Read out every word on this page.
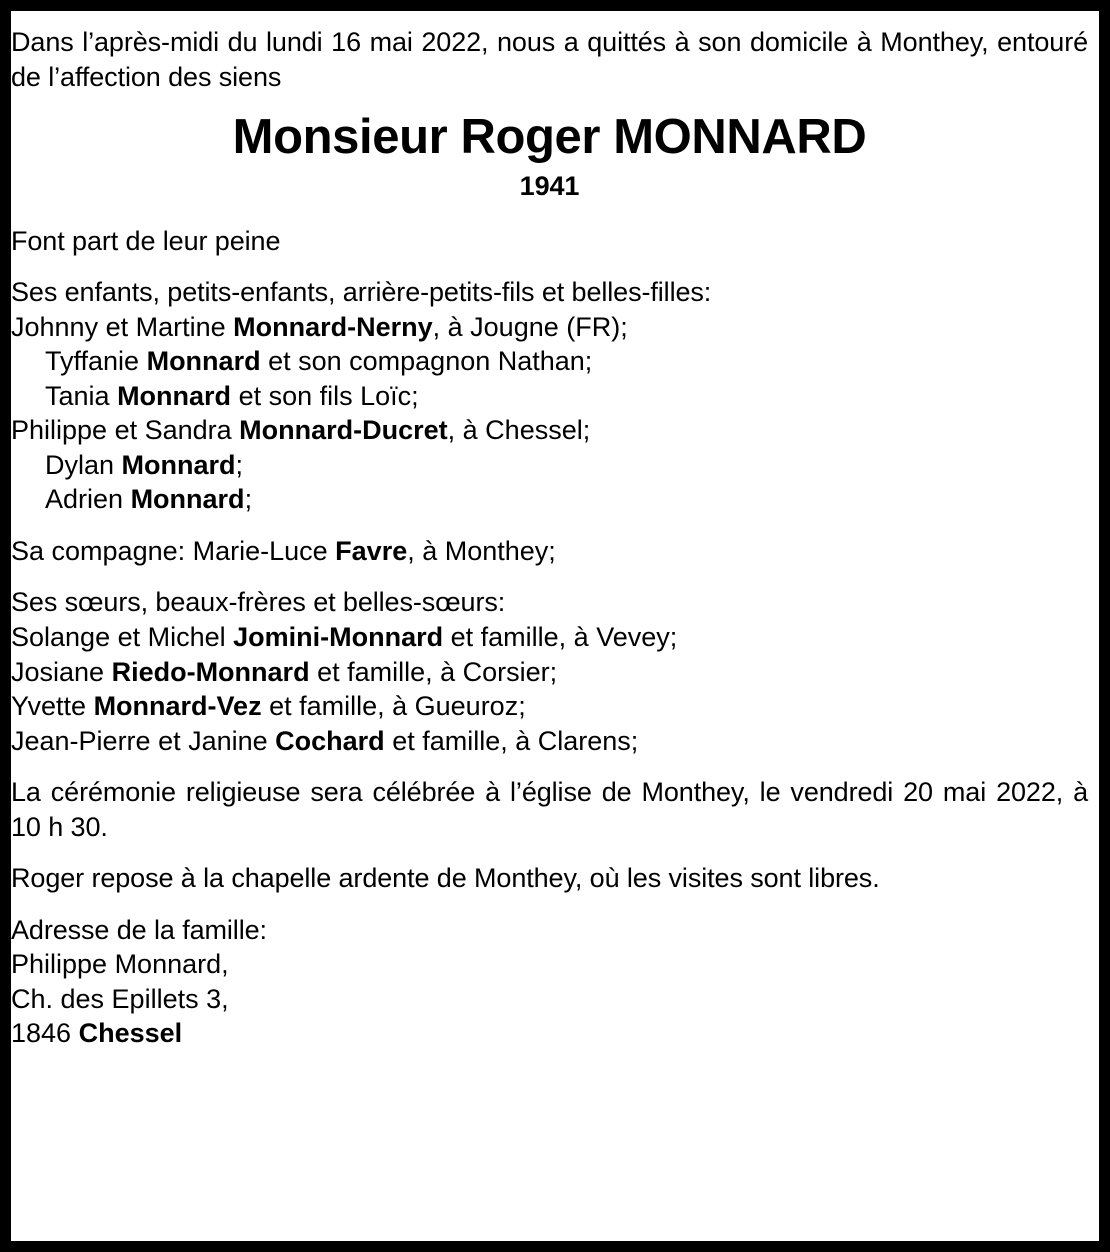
Dans l’après-midi du lundi 16 mai 2022, nous a quittés à son domicile à Monthey, entouré de l’affection des siens

Monsieur Roger MONNARD

1941

Font part de leur peine

Ses enfants, petits-enfants, arrière-petits-fils et belles-filles:

Johnny et Martine Monnard-Nerny, à Jougne (FR);
Tyffanie Monnard et son compagnon Nathan;
Tania Monnard et son fils Loïc;
Philippe et Sandra Monnard-Ducret, à Chessel;
Dylan Monnard;
Adrien Monnard;
Sa compagne: Marie-Luce Favre, à Monthey;

Ses sœurs, beaux-frères et belles-sœurs:

Solange et Michel Jomini-Monnard et famille, à Vevey;
Josiane Riedo-Monnard et famille, à Corsier;
Yvette Monnard-Vez et famille, à Gueuroz;
Jean-Pierre et Janine Cochard et famille, à Clarens;

La cérémonie religieuse sera célébrée à l’église de Monthey, le vendredi 20 mai 2022, à 10 h 30.

Roger repose à la chapelle ardente de Monthey, où les visites sont libres.

Adresse de la famille:

Philippe Monnard,
Ch. des Epillets 3,
1846 Chessel
